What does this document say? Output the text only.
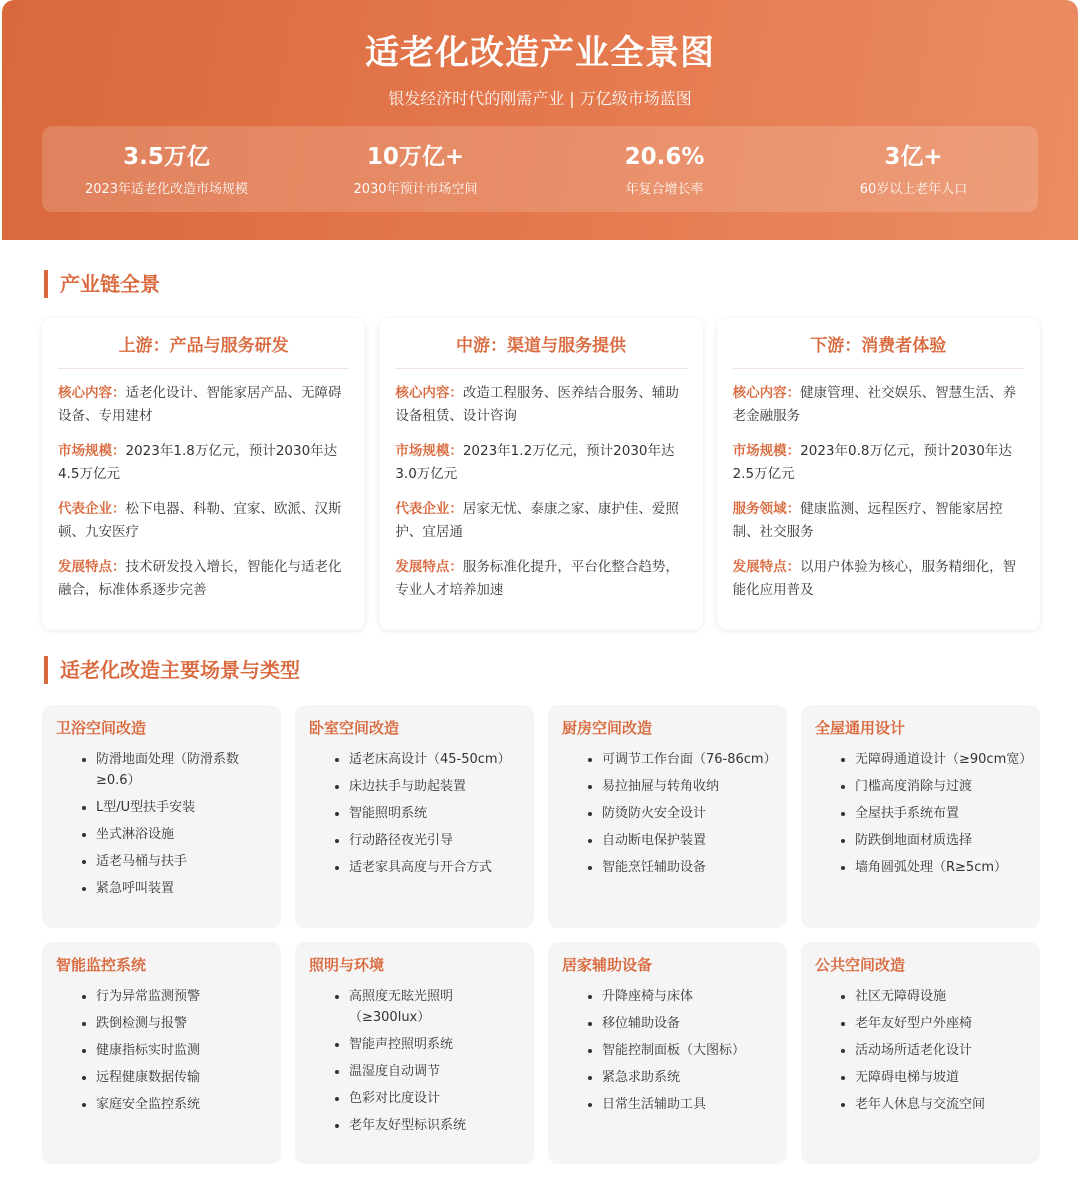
适老化改造产业全景图
银发经济时代的刚需产业 | 万亿级市场蓝图
3.5万亿
2023年适老化改造市场规模
10万亿+
2030年预计市场空间
20.6%
年复合增长率
3亿+
60岁以上老年人口
产业链全景
上游：产品与服务研发
核心内容：适老化设计、智能家居产品、无障碍设备、专用建材
市场规模：2023年1.8万亿元，预计2030年达4.5万亿元
代表企业：松下电器、科勒、宜家、欧派、汉斯顿、九安医疗
发展特点：技术研发投入增长，智能化与适老化融合，标准体系逐步完善
中游：渠道与服务提供
核心内容：改造工程服务、医养结合服务、辅助设备租赁、设计咨询
市场规模：2023年1.2万亿元，预计2030年达3.0万亿元
代表企业：居家无忧、泰康之家、康护佳、爱照护、宜居通
发展特点：服务标准化提升，平台化整合趋势，专业人才培养加速
下游：消费者体验
核心内容：健康管理、社交娱乐、智慧生活、养老金融服务
市场规模：2023年0.8万亿元，预计2030年达2.5万亿元
服务领域：健康监测、远程医疗、智能家居控制、社交服务
发展特点：以用户体验为核心，服务精细化，智能化应用普及
适老化改造主要场景与类型
卫浴空间改造
• 防滑地面处理（防滑系数≥0.6）
• L型/U型扶手安装
• 坐式淋浴设施
• 适老马桶与扶手
• 紧急呼叫装置
卧室空间改造
• 适老床高设计（45-50cm）
• 床边扶手与助起装置
• 智能照明系统
• 行动路径夜光引导
• 适老家具高度与开合方式
厨房空间改造
• 可调节工作台面（76-86cm）
• 易拉抽屉与转角收纳
• 防烫防火安全设计
• 自动断电保护装置
• 智能烹饪辅助设备
全屋通用设计
• 无障碍通道设计（≥90cm宽）
• 门槛高度消除与过渡
• 全屋扶手系统布置
• 防跌倒地面材质选择
• 墙角圆弧处理（R≥5cm）
智能监控系统
• 行为异常监测预警
• 跌倒检测与报警
• 健康指标实时监测
• 远程健康数据传输
• 家庭安全监控系统
照明与环境
• 高照度无眩光照明（≥300lux）
• 智能声控照明系统
• 温湿度自动调节
• 色彩对比度设计
• 老年友好型标识系统
居家辅助设备
• 升降座椅与床体
• 移位辅助设备
• 智能控制面板（大图标）
• 紧急求助系统
• 日常生活辅助工具
公共空间改造
• 社区无障碍设施
• 老年友好型户外座椅
• 活动场所适老化设计
• 无障碍电梯与坡道
• 老年人休息与交流空间
